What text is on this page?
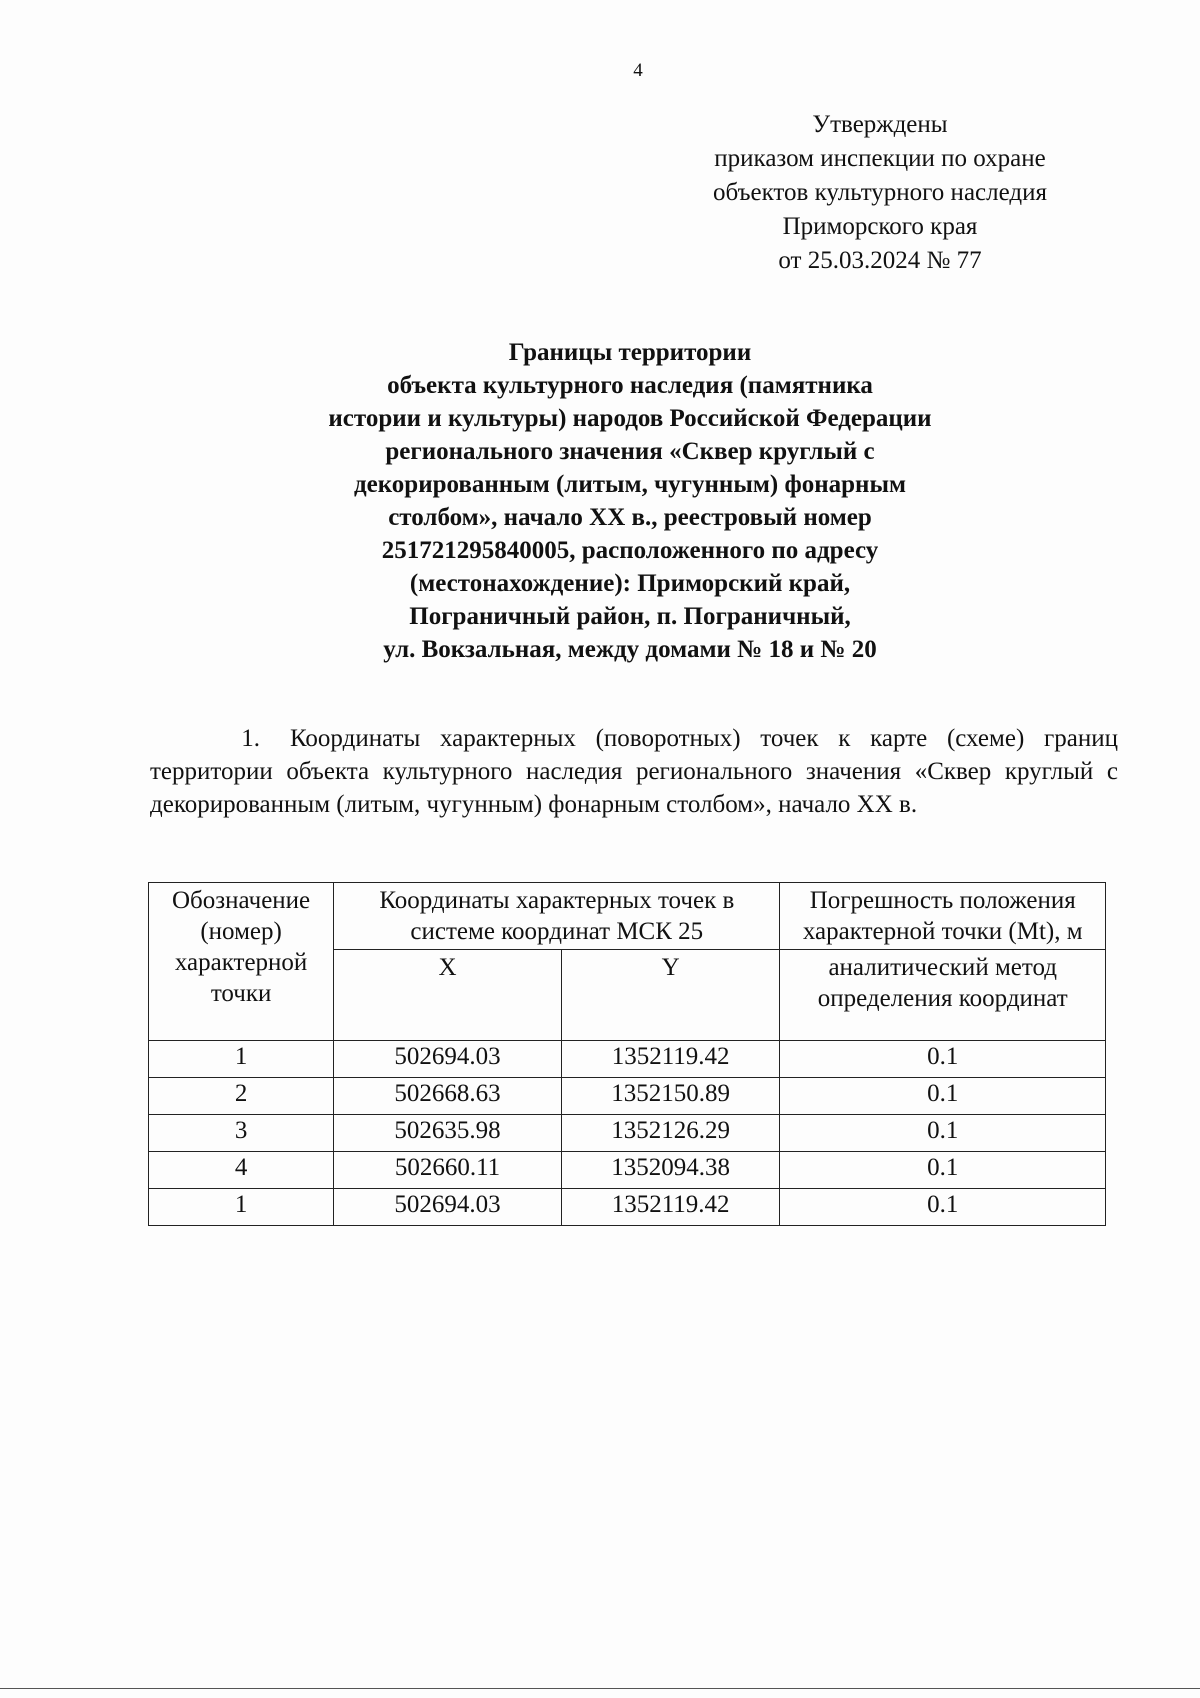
4
Утверждены
приказом инспекции по охране
объектов культурного наследия
Приморского края
от 25.03.2024 № 77
Границы территории
объекта культурного наследия (памятника
истории и культуры) народов Российской Федерации
регионального значения «Сквер круглый с
декорированным (литым, чугунным) фонарным
столбом», начало XX в., реестровый номер
251721295840005, расположенного по адресу
(местонахождение): Приморский край,
Пограничный район, п. Пограничный,
ул. Вокзальная, между домами № 18 и № 20
1. Координаты характерных (поворотных) точек к карте (схеме) границ территории объекта культурного наследия регионального значения «Сквер круглый с декорированным (литым, чугунным) фонарным столбом», начало XX в.
Обозначение (номер) характерной точки	Координаты характерных точек в системе координат МСК 25		Погрешность положения характерной точки (Mt), м
	X	Y	аналитический метод определения координат
1	502694.03	1352119.42	0.1
2	502668.63	1352150.89	0.1
3	502635.98	1352126.29	0.1
4	502660.11	1352094.38	0.1
1	502694.03	1352119.42	0.1
